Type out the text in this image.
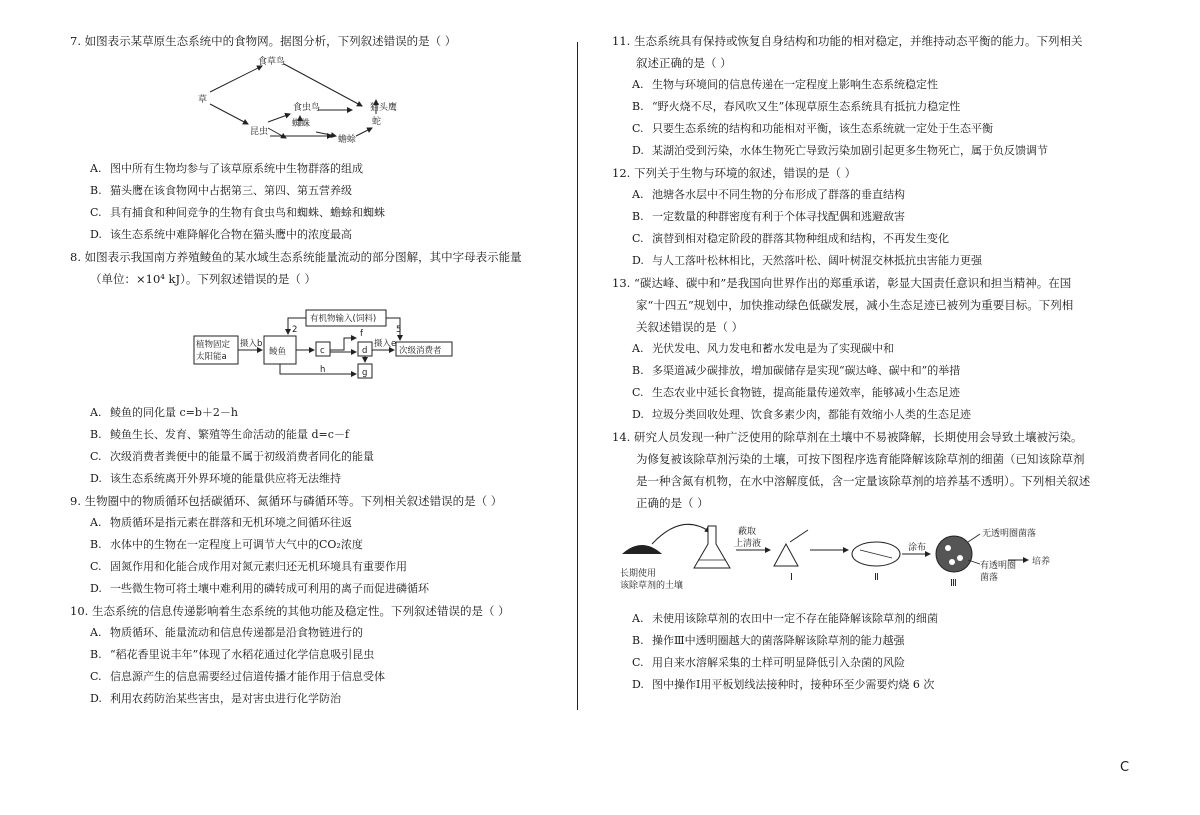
7. 如图表示某草原生态系统中的食物网。据图分析，下列叙述错误的是（ ）
食草鸟
食虫鸟	猫头鹰
草
蜘蛛
昆虫
蟾蜍
蛇
A. 图中所有生物均参与了该草原系统中生物群落的组成
B. 猫头鹰在该食物网中占据第三、第四、第五营养级
C. 具有捕食和种间竞争的生物有食虫鸟和蜘蛛、蟾蜍和蜘蛛
D. 该生态系统中难降解化合物在猫头鹰中的浓度最高
8. 如图表示我国南方养殖鲮鱼的某水域生态系统能量流动的部分图解，其中字母表示能量
（单位：×10⁴ kJ）。下列叙述错误的是（ ）
植物固定
太阳能a
摄入b
鲮鱼
有机物输入(饲料)
c	d
f
g
h
摄入e
次级消费者
2	5
A. 鲮鱼的同化量 c=b＋2－h
B. 鲮鱼生长、发育、繁殖等生命活动的能量 d=c－f
C. 次级消费者粪便中的能量不属于初级消费者同化的能量
D. 该生态系统离开外界环境的能量供应将无法维持
9. 生物圈中的物质循环包括碳循环、氮循环与磷循环等。下列相关叙述错误的是（ ）
A. 物质循环是指元素在群落和无机环境之间循环往返
B. 水体中的生物在一定程度上可调节大气中的CO₂浓度
C. 固氮作用和化能合成作用对氮元素归还无机环境具有重要作用
D. 一些微生物可将土壤中难利用的磷转成可利用的离子而促进磷循环
10. 生态系统的信息传递影响着生态系统的其他功能及稳定性。下列叙述错误的是（ ）
A. 物质循环、能量流动和信息传递都是沿食物链进行的
B. “稻花香里说丰年”体现了水稻花通过化学信息吸引昆虫
C. 信息源产生的信息需要经过信道传播才能作用于信息受体
D. 利用农药防治某些害虫，是对害虫进行化学防治
11. 生态系统具有保持或恢复自身结构和功能的相对稳定，并维持动态平衡的能力。下列相关
叙述正确的是（ ）
A. 生物与环境间的信息传递在一定程度上影响生态系统稳定性
B. “野火烧不尽，春风吹又生”体现草原生态系统具有抵抗力稳定性
C. 只要生态系统的结构和功能相对平衡，该生态系统就一定处于生态平衡
D. 某湖泊受到污染，水体生物死亡导致污染加剧引起更多生物死亡，属于负反馈调节
12. 下列关于生物与环境的叙述，错误的是（ ）
A. 池塘各水层中不同生物的分布形成了群落的垂直结构
B. 一定数量的种群密度有利于个体寻找配偶和逃避敌害
C. 演替到相对稳定阶段的群落其物种组成和结构，不再发生变化
D. 与人工落叶松林相比，天然落叶松、阔叶树混交林抵抗虫害能力更强
13. “碳达峰、碳中和”是我国向世界作出的郑重承诺，彰显大国责任意识和担当精神。在国
家“十四五”规划中，加快推动绿色低碳发展，减小生态足迹已被列为重要目标。下列相
关叙述错误的是（ ）
A. 光伏发电、风力发电和蓄水发电是为了实现碳中和
B. 多渠道减少碳排放，增加碳储存是实现“碳达峰、碳中和”的举措
C. 生态农业中延长食物链，提高能量传递效率，能够减小生态足迹
D. 垃圾分类回收处理、饮食多素少肉，都能有效缩小人类的生态足迹
14. 研究人员发现一种广泛使用的除草剂在土壤中不易被降解，长期使用会导致土壤被污染。
为修复被该除草剂污染的土壤，可按下图程序选育能降解该除草剂的细菌（已知该除草剂
是一种含氮有机物，在水中溶解度低，含一定量该除草剂的培养基不透明）。下列相关叙述
正确的是（ ）
长期使用
该除草剂的土壤
蔽取
上清液	涂布
培养
无透明圈菌落
有透明圈
菌落
Ⅰ	Ⅱ
Ⅲ
A. 未使用该除草剂的农田中一定不存在能降解该除草剂的细菌
B. 操作Ⅲ中透明圈越大的菌落降解该除草剂的能力越强
C. 用自来水溶解采集的土样可明显降低引入杂菌的风险
D. 图中操作Ⅰ用平板划线法接种时，接种环至少需要灼烧 6 次
C
